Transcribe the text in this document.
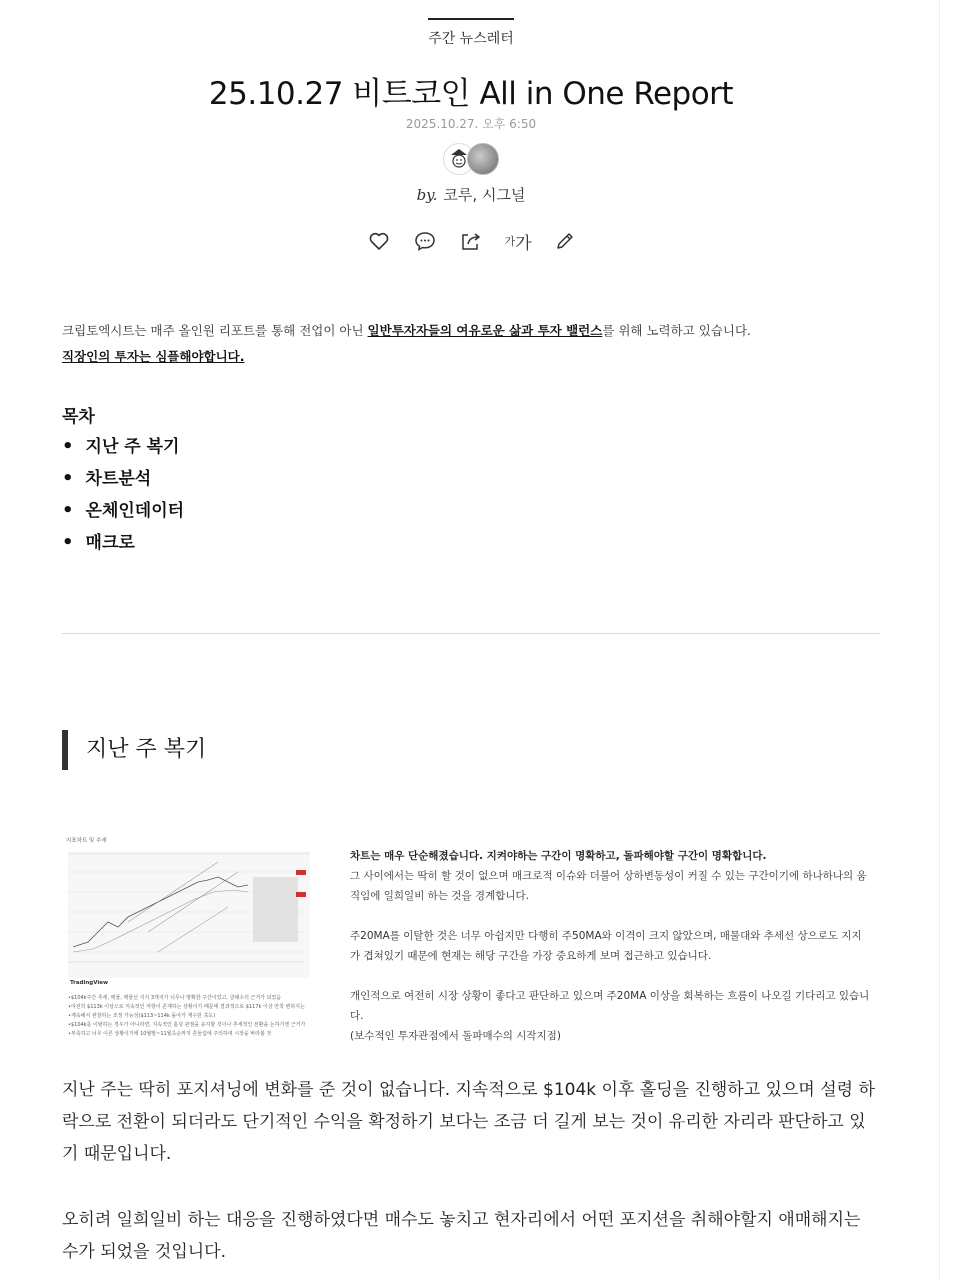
주간 뉴스레터
25.10.27 비트코인 All in One Report
2025.10.27. 오후 6:50
by. 코루, 시그널
가 가
크립토엑시트는 매주 올인원 리포트를 통해 전업이 아닌 일반투자자들의 여유로운 삶과 투자 밸런스를 위해 노력하고 있습니다.
직장인의 투자는 심플해야합니다.
목차
• 지난 주 복기
• 차트분석
• 온체인데이터
• 매크로
지난 주 복기
지표차트 및 추세
TradingView
• $104k주간 추세, 매물, 매물선 지지 3개지가 너무나 명확한 구간이었고, 클래수의 근거가 되었음
• 여전히 $113k 이상으로 지속적인 저항이 존재하는 상황이기 때문에 결과적으로 $117k 이상 안착 변하지는
• 계속해서 관찰하는 조정 가능성($113~114k 돌아가 재수한 혹도)
• $104k를 이탈하는 경우가 아니라면, 지속적인 홀딩 관점을 유지할 것이나 추세적인 전환을 논하기엔 근거가
• 부족하고 너무 이른 상황이기에 10월말~11월초순까지 흔들림에 주의하며 시장을 바라볼 것

차트는 매우 단순해졌습니다. 지켜야하는 구간이 명확하고, 돌파해야할 구간이 명확합니다.
그 사이에서는 딱히 할 것이 없으며 매크로적 이슈와 더불어 상하변동성이 커질 수 있는 구간이기에 하나하나의 움직임에 일희일비 하는 것을 경계합니다.

주20MA를 이탈한 것은 너무 아쉽지만 다행히 주50MA와 이격이 크지 않았으며, 매물대와 추세선 상으로도 지지가 겹쳐있기 때문에 현재는 해당 구간을 가장 중요하게 보며 접근하고 있습니다.

개인적으로 여전히 시장 상황이 좋다고 판단하고 있으며 주20MA 이상을 회복하는 흐름이 나오길 기다리고 있습니다.
(보수적인 투자관점에서 돌파매수의 시작지점)

지난 주는 딱히 포지셔닝에 변화를 준 것이 없습니다. 지속적으로 $104k 이후 홀딩을 진행하고 있으며 설령 하락으로 전환이 되더라도 단기적인 수익을 확정하기 보다는 조금 더 길게 보는 것이 유리한 자리라 판단하고 있기 때문입니다.

오히려 일희일비 하는 대응을 진행하였다면 매수도 놓치고 현자리에서 어떤 포지션을 취해야할지 애매해지는 수가 되었을 것입니다.
